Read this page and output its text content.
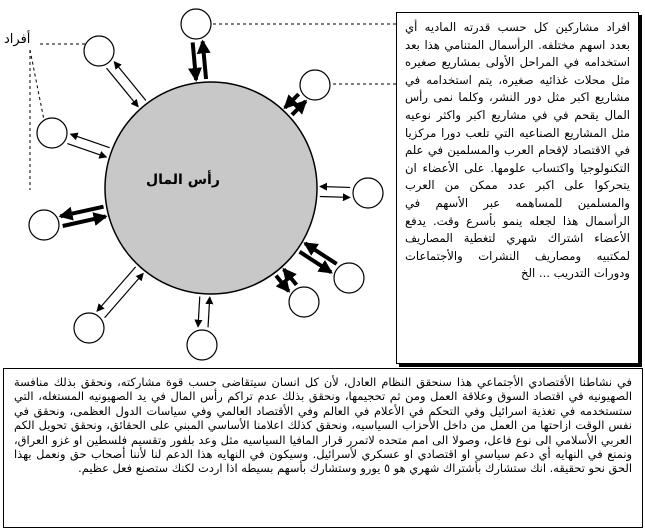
رأس المال
أفراد
افراد مشاركين كل حسب قدرته الماديه أي بعدد اسهم مختلفه. الرأسمال المتنامي هذا بعد استخدامه في المراحل الأولى بمشاريع صغيره مثل محلات غذائيه صغيره، يتم استخدامه في مشاريع اكبر مثل دور النشر، وكلما نمى رأس المال يقحم في في مشاريع اكبر واكثر نوعيه مثل المشاريع الصناعيه التي تلعب دورا مركزيا في الاقتصاد لإقحام العرب والمسلمين في علم التكنولوجيا واكتساب علومها. على الأعضاء ان يتحركوا على اكبر عدد ممكن من العرب والمسلمين للمساهمه عبر الأسهم في الرأسمال هذا لجعله ينمو بأسرع وقت. يدفع الأعضاء اشتراك شهري لتغطية المصاريف لمكتبيه ومصاريف النشرات والأجتماعات ودورات التدريب ... الخ
في نشاطنا الأقتصادي الأجتماعي هذا سنحقق النظام العادل، لأن كل انسان سيتقاضى حسب قوة مشاركته، ونحقق بذلك منافسة الصهيونيه في اقتصاد السوق وعلاقة العمل ومن ثم تحجيمها، ونحقق بذلك عدم تراكم رأس المال في يد الصهيونيه المستغله، التي ستستخدمه في تغذية اسرائيل وفي التحكم في الأعلام في العالم وفي الأقتصاد العالمي وفي سياسات الدول العظمى، ونحقق في نفس الوقت ازاحتها من العمل من داخل الأحزاب السياسيه، ونحقق كذلك اعلامنا الأساسي المبني على الحقائق، ونحقق تحويل الكم العربي الأسلامي الى نوع فاعل، وصولا الى امم متحده لاتمرر قرار المافيا السياسيه مثل وعد بلفور وتقسيم فلسطين او غزو العراق، ونمنع في النهايه أي دعم سياسي او اقتصادي او عسكري لأسرائيل. وسيكون في النهايه هذا الدعم لنا لأننا أصحاب حق ونعمل بهذا الحق نحو تحقيقه. انك ستشارك بأشتراك شهري هو ٥ يورو وستشارك بأسهم بسيطه اذا اردت لكنك ستصنع فعل عظيم.
